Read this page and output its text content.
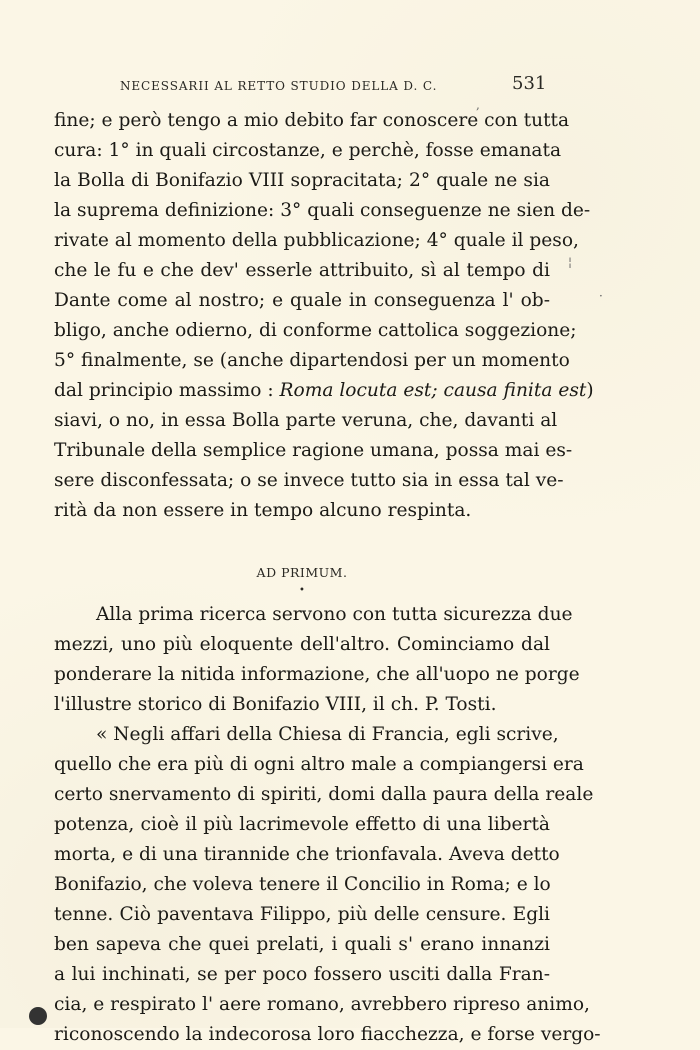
NECESSARII AL RETTO STUDIO DELLA D. C.	531
fine; e però tengo a mio debito far conoscere con tutta
cura: 1° in quali circostanze, e perchè, fosse emanata
la Bolla di Bonifazio VIII sopracitata; 2° quale ne sia
la suprema definizione: 3° quali conseguenze ne sien de-
rivate al momento della pubblicazione; 4° quale il peso,
che le fu e che dev' esserle attribuito, sì al tempo di
Dante come al nostro; e quale in conseguenza l' ob-
bligo, anche odierno, di conforme cattolica soggezione;
5° finalmente, se (anche dipartendosi per un momento
dal principio massimo : Roma locuta est; causa finita est)
siavi, o no, in essa Bolla parte veruna, che, davanti al
Tribunale della semplice ragione umana, possa mai es-
sere disconfessata; o se invece tutto sia in essa tal ve-
rità da non essere in tempo alcuno respinta.
AD PRIMUM.
•
Alla prima ricerca servono con tutta sicurezza due
mezzi, uno più eloquente dell'altro. Cominciamo dal
ponderare la nitida informazione, che all'uopo ne porge
l'illustre storico di Bonifazio VIII, il ch. P. Tosti.
« Negli affari della Chiesa di Francia, egli scrive,
quello che era più di ogni altro male a compiangersi era
certo snervamento di spiriti, domi dalla paura della reale
potenza, cioè il più lacrimevole effetto di una libertà
morta, e di una tirannide che trionfavala. Aveva detto
Bonifazio, che voleva tenere il Concilio in Roma; e lo
tenne. Ciò paventava Filippo, più delle censure. Egli
ben sapeva che quei prelati, i quali s' erano innanzi
a lui inchinati, se per poco fossero usciti dalla Fran-
cia, e respirato l' aere romano, avrebbero ripreso animo,
riconoscendo la indecorosa loro fiacchezza, e forse vergo-
,
¦
·
